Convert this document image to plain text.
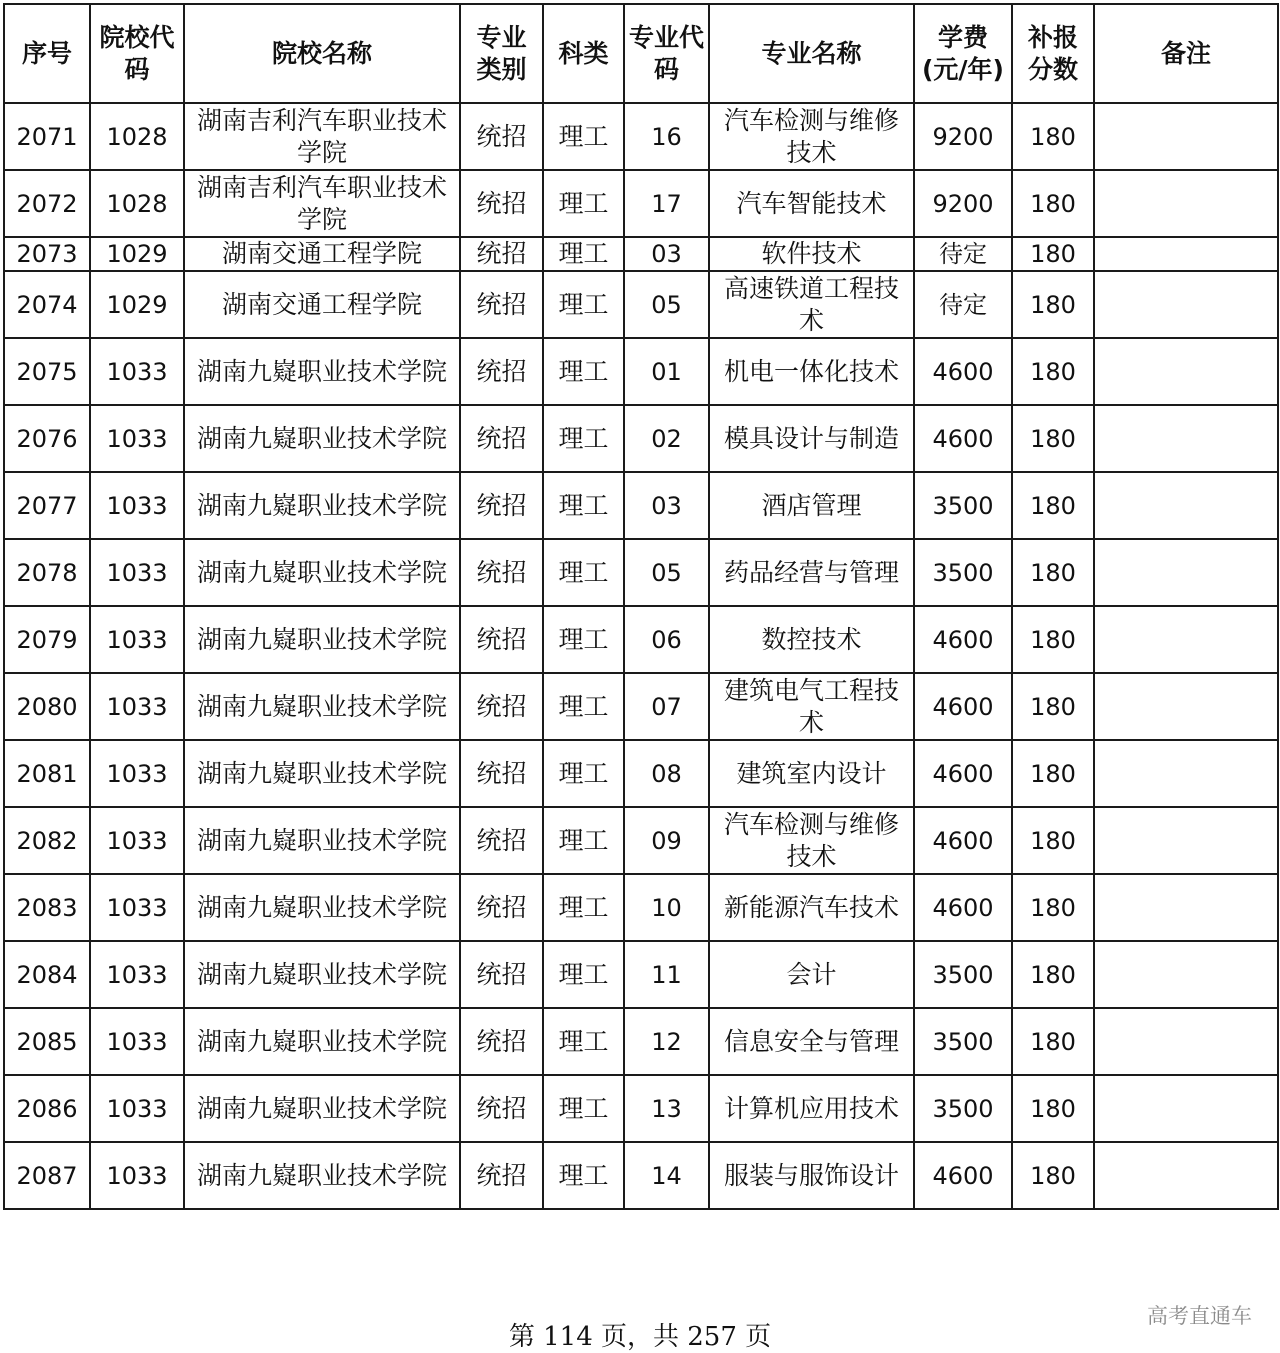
序号	院校代码	院校名称	专业类别	科类	专业代码	专业名称	学费(元/年)	补报分数	备注
2071	1028	湖南吉利汽车职业技术学院	统招	理工	16	汽车检测与维修技术	9200	180	
2072	1028	湖南吉利汽车职业技术学院	统招	理工	17	汽车智能技术	9200	180	
2073	1029	湖南交通工程学院	统招	理工	03	软件技术	待定	180	
2074	1029	湖南交通工程学院	统招	理工	05	高速铁道工程技术	待定	180	
2075	1033	湖南九嶷职业技术学院	统招	理工	01	机电一体化技术	4600	180	
2076	1033	湖南九嶷职业技术学院	统招	理工	02	模具设计与制造	4600	180	
2077	1033	湖南九嶷职业技术学院	统招	理工	03	酒店管理	3500	180	
2078	1033	湖南九嶷职业技术学院	统招	理工	05	药品经营与管理	3500	180	
2079	1033	湖南九嶷职业技术学院	统招	理工	06	数控技术	4600	180	
2080	1033	湖南九嶷职业技术学院	统招	理工	07	建筑电气工程技术	4600	180	
2081	1033	湖南九嶷职业技术学院	统招	理工	08	建筑室内设计	4600	180	
2082	1033	湖南九嶷职业技术学院	统招	理工	09	汽车检测与维修技术	4600	180	
2083	1033	湖南九嶷职业技术学院	统招	理工	10	新能源汽车技术	4600	180	
2084	1033	湖南九嶷职业技术学院	统招	理工	11	会计	3500	180	
2085	1033	湖南九嶷职业技术学院	统招	理工	12	信息安全与管理	3500	180	
2086	1033	湖南九嶷职业技术学院	统招	理工	13	计算机应用技术	3500	180	
2087	1033	湖南九嶷职业技术学院	统招	理工	14	服装与服饰设计	4600	180	
第 114 页，共 257 页
高考直通车
